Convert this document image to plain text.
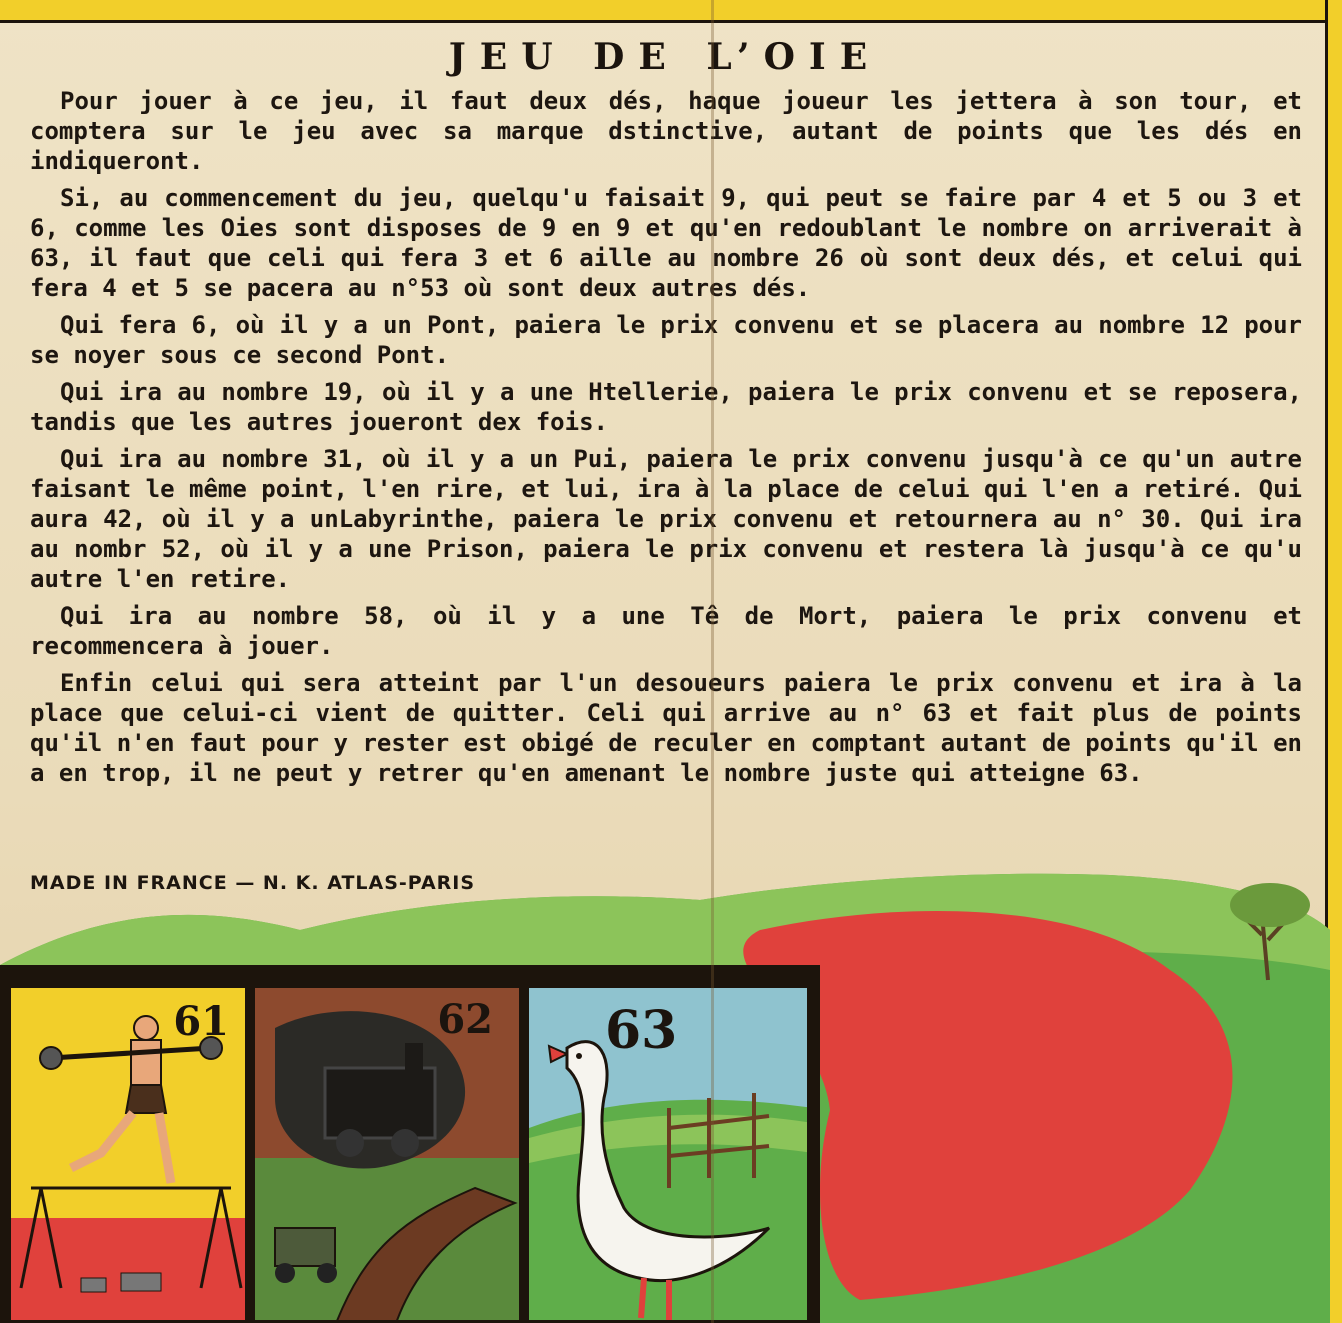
JEU DE L’OIE

Pour jouer à ce jeu, il faut deux dés, haque joueur les jettera à son tour, et comptera sur le jeu avec sa marque dstinctive, autant de points que les dés en indiqueront.

Si, au commencement du jeu, quelqu'u faisait 9, qui peut se faire par 4 et 5 ou 3 et 6, comme les Oies sont disposes de 9 en 9 et qu'en redoublant le nombre on arriverait à 63, il faut que celi qui fera 3 et 6 aille au nombre 26 où sont deux dés, et celui qui fera 4 et 5 se pacera au n°53 où sont deux autres dés.

Qui fera 6, où il y a un Pont, paiera le prix convenu et se placera au nombre 12 pour se noyer sous ce second Pont.

Qui ira au nombre 19, où il y a une Htellerie, paiera le prix convenu et se reposera, tandis que les autres joueront dex fois.

Qui ira au nombre 31, où il y a un Pui, paiera le prix convenu jusqu'à ce qu'un autre faisant le même point, l'en rire, et lui, ira à la place de celui qui l'en a retiré. Qui aura 42, où il y a unLabyrinthe, paiera le prix convenu et retournera au n° 30. Qui ira au nombr 52, où il y a une Prison, paiera le prix convenu et restera là jusqu'à ce qu'u autre l'en retire.

Qui ira au nombre 58, où il y a une Tê de Mort, paiera le prix convenu et recommencera à jouer.

Enfin celui qui sera atteint par l'un desoueurs paiera le prix convenu et ira à la place que celui-ci vient de quitter. Celi qui arrive au n° 63 et fait plus de points qu'il n'en faut pour y rester est obigé de reculer en comptant autant de points qu'il en a en trop, il ne peut y retrer qu'en amenant le nombre juste qui atteigne 63.

MADE IN FRANCE — N. K. ATLAS-PARIS
61	62 63
